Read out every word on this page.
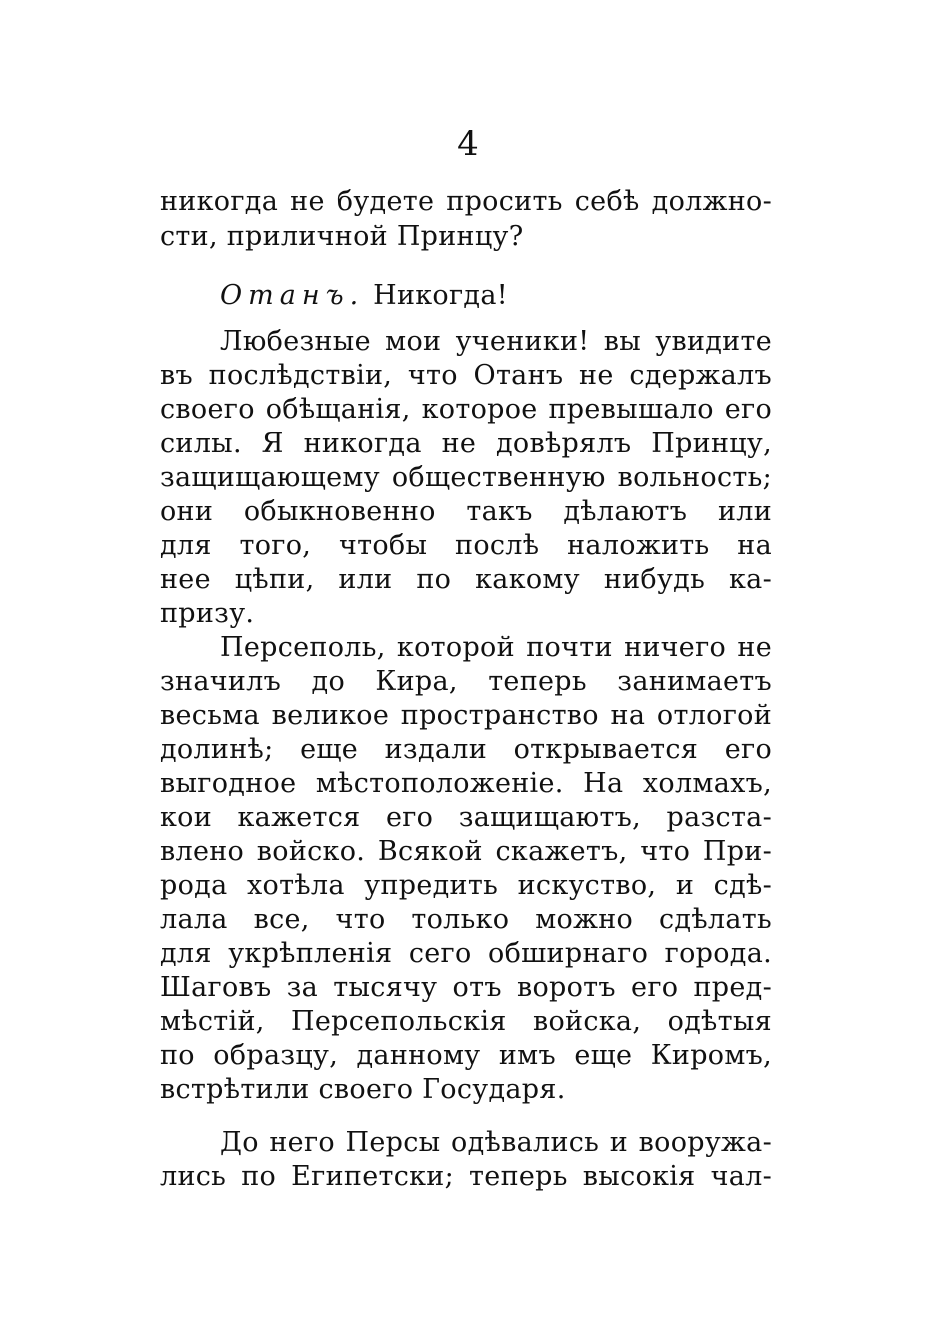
4
никогда не будете просить себѣ должно-
сти, приличной Принцу?
Отанъ. Никогда!
Любезные мои ученики! вы увидите
въ послѣдствіи, что Отанъ не сдержалъ
своего обѣщанія, которое превышало его
силы. Я никогда не довѣрялъ Принцу,
защищающему общественную вольность;
они обыкновенно такъ дѣлаютъ или
для того, чтобы послѣ наложить на
нее цѣпи, или по какому нибудь ка-
призу.
Персеполь, которой почти ничего не
значилъ до Кира, теперь занимаетъ
весьма великое пространство на отлогой
долинѣ; еще издали открывается его
выгодное мѣстоположеніе. На холмахъ,
кои кажется его защищаютъ, разста-
влено войско. Всякой скажетъ, что При-
рода хотѣла упредить искуство, и сдѣ-
лала все, что только можно сдѣлать
для укрѣпленія сего обширнаго города.
Шаговъ за тысячу отъ воротъ его пред-
мѣстій, Персепольскія войска, одѣтыя
по образцу, данному имъ еще Киромъ,
встрѣтили своего Государя.
До него Персы одѣвались и вооружа-
лись по Египетски; теперь высокія чал-
